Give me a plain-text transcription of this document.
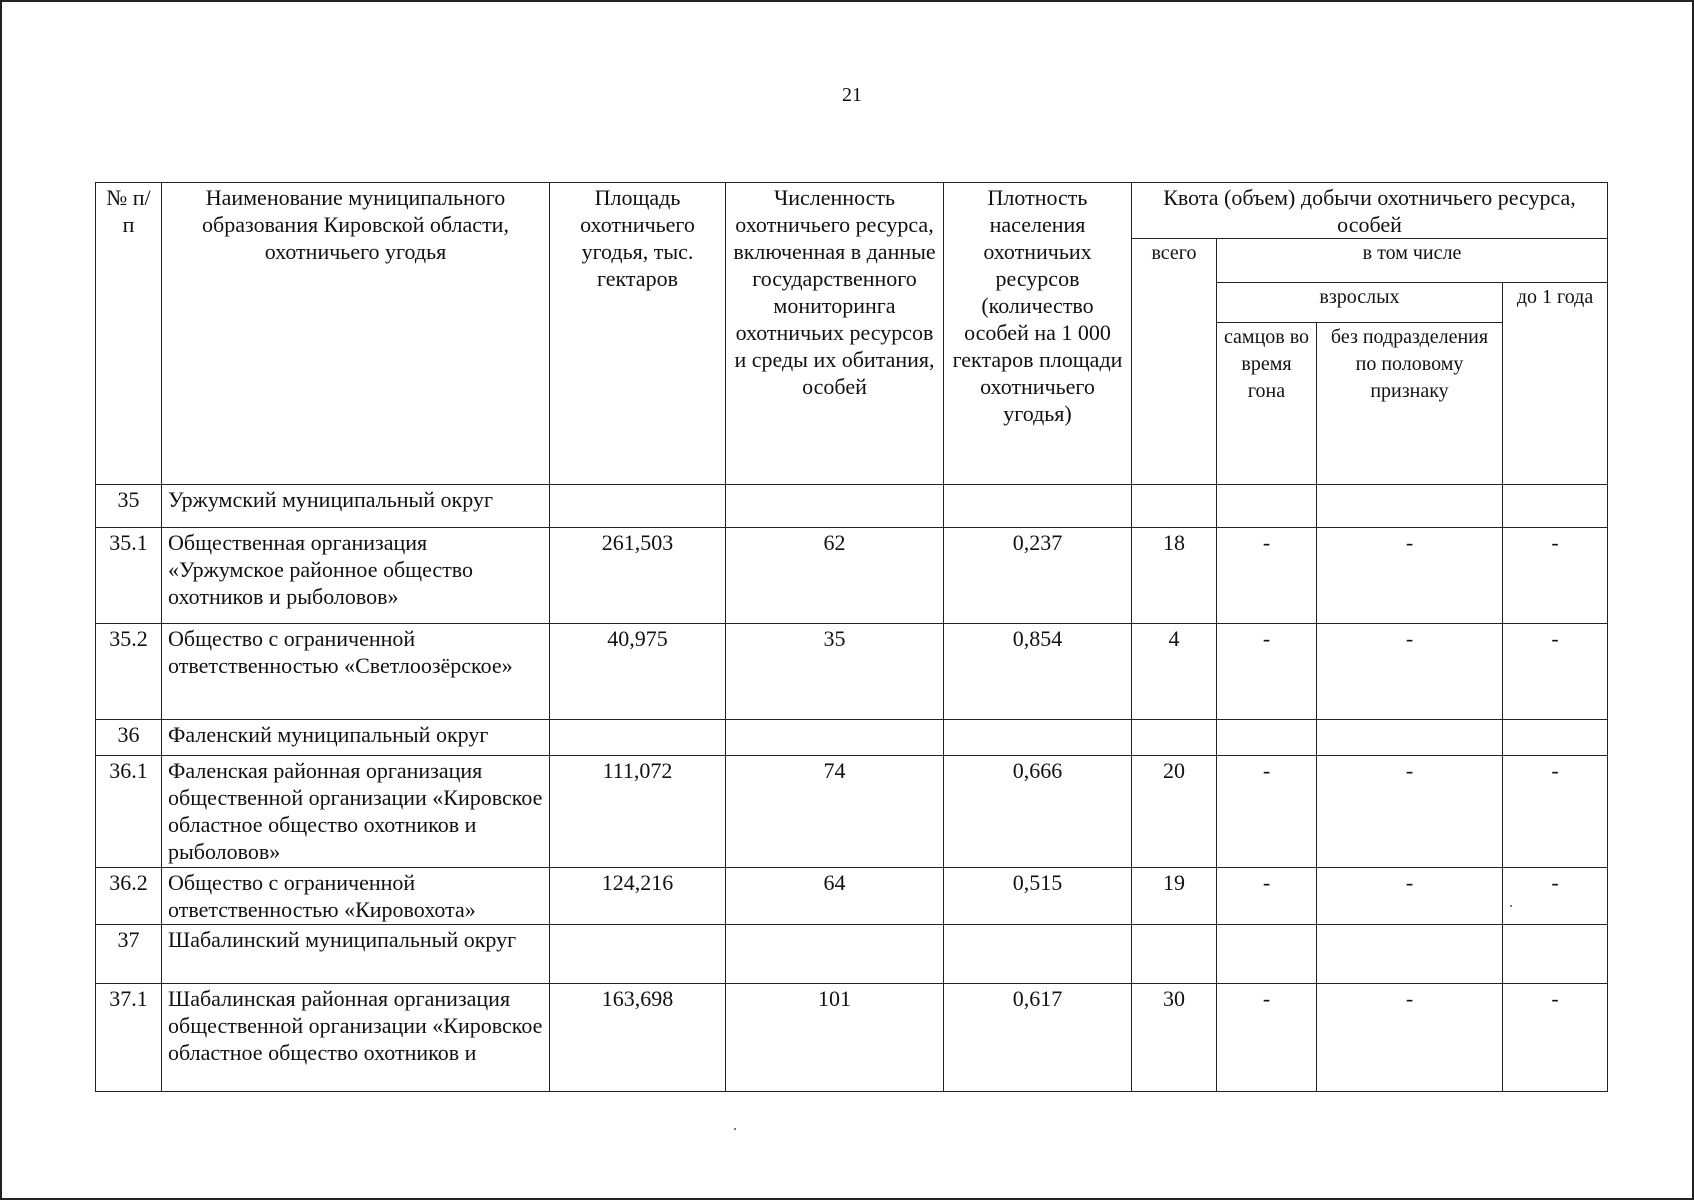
21
№ п/п	Наименование муниципального образования Кировской области, охотничьего угодья	Площадь охотничьего угодья, тыс. гектаров	Численность охотничьего ресурса, включенная в данные государственного мониторинга охотничьих ресурсов и среды их обитания, особей	Плотность населения охотничьих ресурсов (количество особей на 1 000 гектаров площади охотничьего угодья)	Квота (объем) добычи охотничьего ресурса, особей			
					всего	в том числе		
						взрослых		до 1 года
						самцов во время гона	без подразделения по половому признаку	
35	Уржумский муниципальный округ							
35.1	Общественная организация «Уржумское районное общество охотников и рыболовов»	261,503	62	0,237	18	-	-	-
35.2	Общество с ограниченной ответственностью «Светлоозёрское»	40,975	35	0,854	4	-	-	-
36	Фаленский муниципальный округ							
36.1	Фаленская районная организация общественной организации «Кировское областное общество охотников и рыболовов»	111,072	74	0,666	20	-	-	-
36.2	Общество с ограниченной ответственностью «Кировохота»	124,216	64	0,515	19	-	-	-
37	Шабалинский муниципальный округ							
37.1	Шабалинская районная организация общественной организации «Кировское областное общество охотников и	163,698	101	0,617	30	-	-	-
